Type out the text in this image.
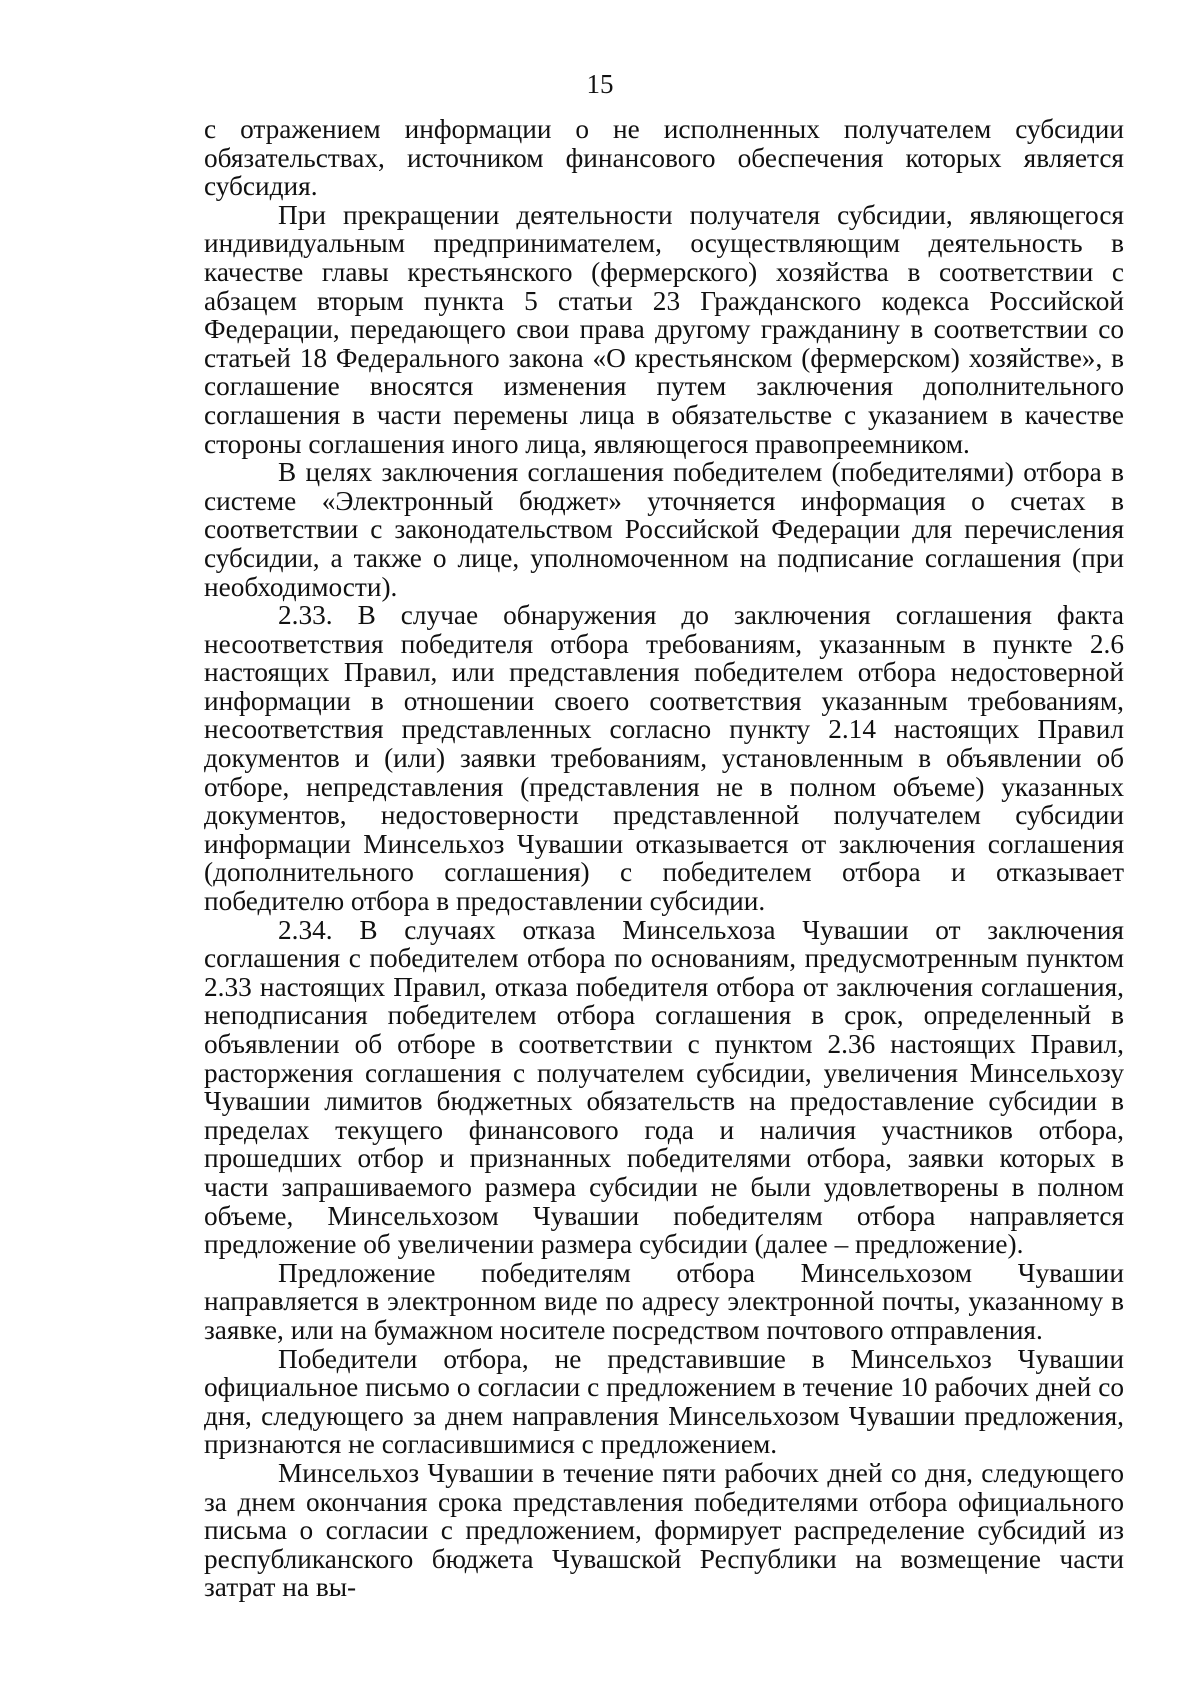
15

с отражением информации о не исполненных получателем субсидии обязательствах, источником финансового обеспечения которых является субсидия.

При прекращении деятельности получателя субсидии, являющегося индивидуальным предпринимателем, осуществляющим деятельность в качестве главы крестьянского (фермерского) хозяйства в соответствии с абзацем вторым пункта 5 статьи 23 Гражданского кодекса Российской Федерации, передающего свои права другому гражданину в соответствии со статьей 18 Федерального закона «О крестьянском (фермерском) хозяйстве», в соглашение вносятся изменения путем заключения дополнительного соглашения в части перемены лица в обязательстве с указанием в качестве стороны соглашения иного лица, являющегося правопреемником.

В целях заключения соглашения победителем (победителями) отбора в системе «Электронный бюджет» уточняется информация о счетах в соответствии с законодательством Российской Федерации для перечисления субсидии, а также о лице, уполномоченном на подписание соглашения (при необходимости).

2.33. В случае обнаружения до заключения соглашения факта несоответствия победителя отбора требованиям, указанным в пункте 2.6 настоящих Правил, или представления победителем отбора недостоверной информации в отношении своего соответствия указанным требованиям, несоответствия представленных согласно пункту 2.14 настоящих Правил документов и (или) заявки требованиям, установленным в объявлении об отборе, непредставления (представления не в полном объеме) указанных документов, недостоверности представленной получателем субсидии информации Минсельхоз Чувашии отказывается от заключения соглашения (дополнительного соглашения) с победителем отбора и отказывает победителю отбора в предоставлении субсидии.

2.34. В случаях отказа Минсельхоза Чувашии от заключения соглашения с победителем отбора по основаниям, предусмотренным пунктом 2.33 настоящих Правил, отказа победителя отбора от заключения соглашения, неподписания победителем отбора соглашения в срок, определенный в объявлении об отборе в соответствии с пунктом 2.36 настоящих Правил, расторжения соглашения с получателем субсидии, увеличения Минсельхозу Чувашии лимитов бюджетных обязательств на предоставление субсидии в пределах текущего финансового года и наличия участников отбора, прошедших отбор и признанных победителями отбора, заявки которых в части запрашиваемого размера субсидии не были удовлетворены в полном объеме, Минсельхозом Чувашии победителям отбора направляется предложение об увеличении размера субсидии (далее – предложение).

Предложение победителям отбора Минсельхозом Чувашии направляется в электронном виде по адресу электронной почты, указанному в заявке, или на бумажном носителе посредством почтового отправления.

Победители отбора, не представившие в Минсельхоз Чувашии официальное письмо о согласии с предложением в течение 10 рабочих дней со дня, следующего за днем направления Минсельхозом Чувашии предложения, признаются не согласившимися с предложением.

Минсельхоз Чувашии в течение пяти рабочих дней со дня, следующего за днем окончания срока представления победителями отбора официального письма о согласии с предложением, формирует распределение субсидий из республиканского бюджета Чувашской Республики на возмещение части затрат на вы-
